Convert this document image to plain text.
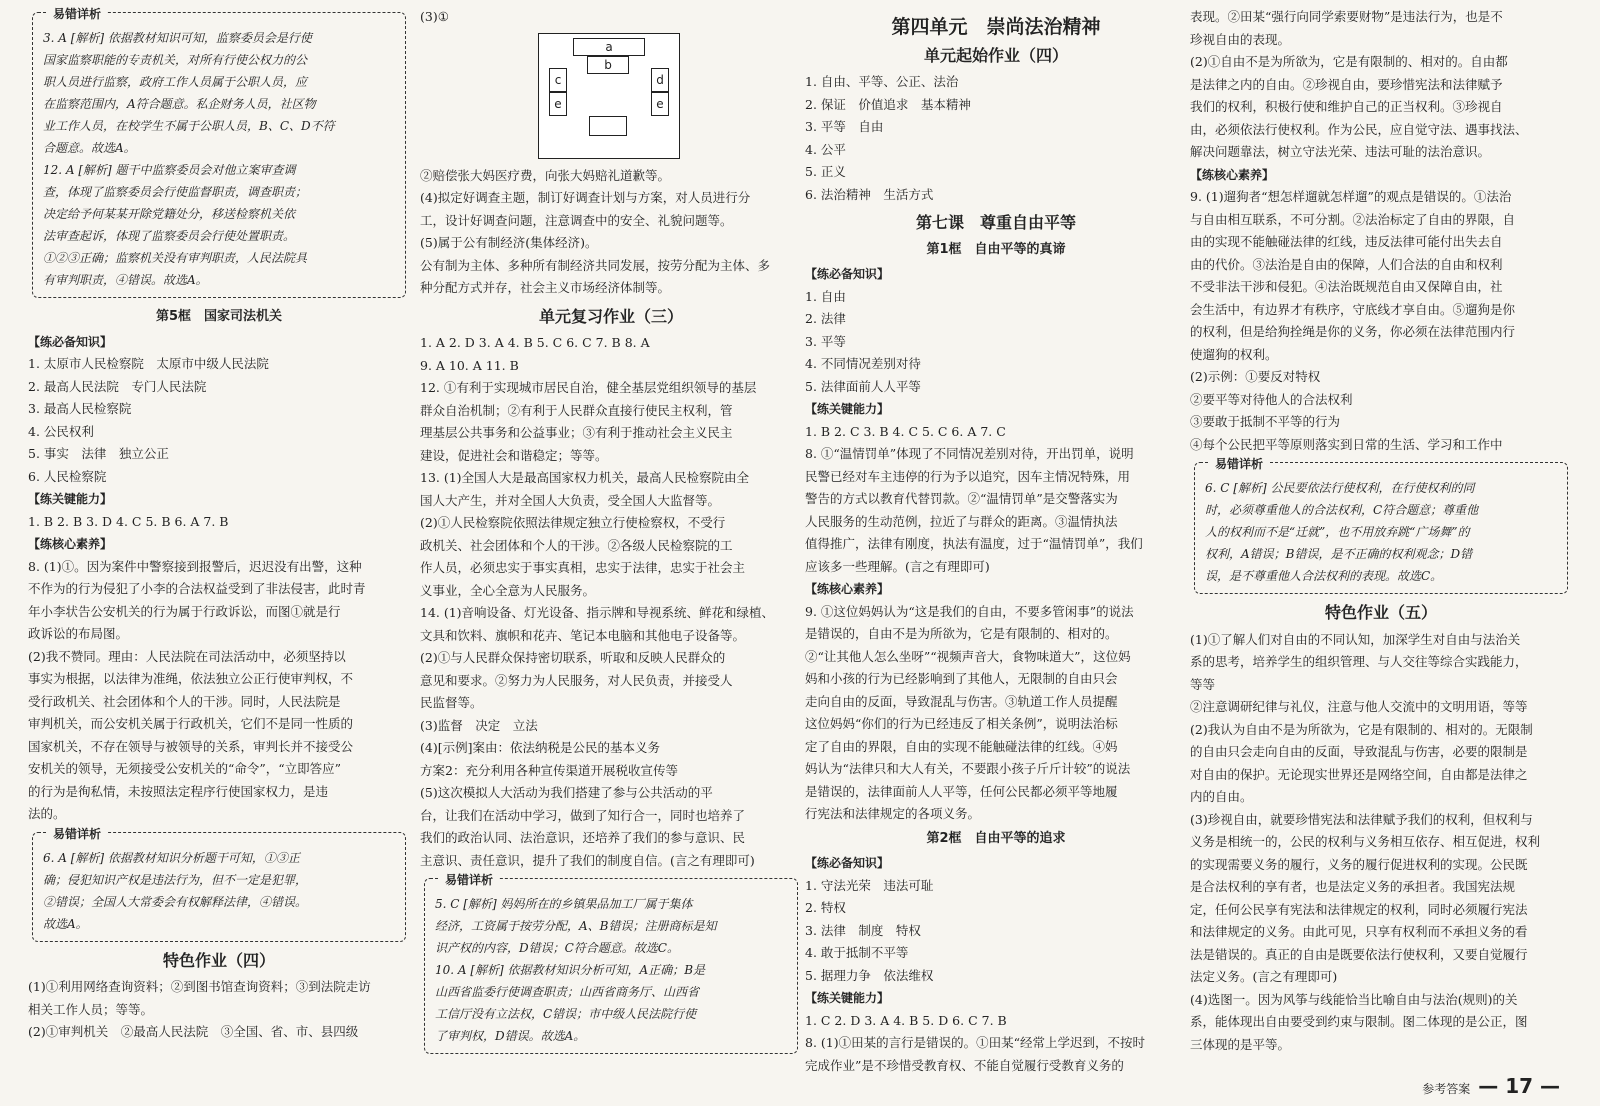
易错详析
3. A [解析] 依据教材知识可知，监察委员会是行使
国家监察职能的专责机关，对所有行使公权力的公
职人员进行监察，政府工作人员属于公职人员，应
在监察范围内，A符合题意。私企财务人员，社区物
业工作人员，在校学生不属于公职人员，B、C、D不符
合题意。故选A。
12. A [解析] 题干中监察委员会对他立案审查调
查，体现了监察委员会行使监督职责，调查职责；
决定给予何某某开除党籍处分，移送检察机关依
法审查起诉，体现了监察委员会行使处置职责。
①②③正确；监察机关没有审判职责，人民法院具
有审判职责，④错误。故选A。
第5框　国家司法机关
【练必备知识】
1. 太原市人民检察院　太原市中级人民法院
2. 最高人民法院　专门人民法院
3. 最高人民检察院
4. 公民权利
5. 事实　法律　独立公正
6. 人民检察院
【练关键能力】
1. B 2. B 3. D 4. C 5. B 6. A 7. B
【练核心素养】
8. (1)①。因为案件中警察接到报警后，迟迟没有出警，这种
不作为的行为侵犯了小李的合法权益受到了非法侵害，此时青
年小李状告公安机关的行为属于行政诉讼，而图①就是行
政诉讼的布局图。
(2)我不赞同。理由：人民法院在司法活动中，必须坚持以
事实为根据，以法律为准绳，依法独立公正行使审判权，不
受行政机关、社会团体和个人的干涉。同时，人民法院是
审判机关，而公安机关属于行政机关，它们不是同一性质的
国家机关，不存在领导与被领导的关系，审判长并不接受公
安机关的领导，无须接受公安机关的“命令”，“立即答应”
的行为是徇私情，未按照法定程序行使国家权力，是违
法的。
易错详析
6. A [解析] 依据教材知识分析题干可知，①③正
确；侵犯知识产权是违法行为，但不一定是犯罪，
②错误；全国人大常委会有权解释法律，④错误。
故选A。
特色作业（四）
(1)①利用网络查询资料；②到图书馆查询资料；③到法院走访
相关工作人员；等等。
(2)①审判机关　②最高人民法院　③全国、省、市、县四级
(3)①
a
b
c
e
d
e
②赔偿张大妈医疗费，向张大妈赔礼道歉等。
(4)拟定好调查主题，制订好调查计划与方案，对人员进行分
工，设计好调查问题，注意调查中的安全、礼貌问题等。
(5)属于公有制经济(集体经济)。
公有制为主体、多种所有制经济共同发展，按劳分配为主体、多
种分配方式并存，社会主义市场经济体制等。
单元复习作业（三）
1. A 2. D 3. A 4. B 5. C 6. C 7. B 8. A
9. A 10. A 11. B
12. ①有利于实现城市居民自治，健全基层党组织领导的基层
群众自治机制；②有利于人民群众直接行使民主权利，管
理基层公共事务和公益事业；③有利于推动社会主义民主
建设，促进社会和谐稳定；等等。
13. (1)全国人大是最高国家权力机关，最高人民检察院由全
国人大产生，并对全国人大负责，受全国人大监督等。
(2)①人民检察院依照法律规定独立行使检察权，不受行
政机关、社会团体和个人的干涉。②各级人民检察院的工
作人员，必须忠实于事实真相，忠实于法律，忠实于社会主
义事业，全心全意为人民服务。
14. (1)音响设备、灯光设备、指示牌和导视系统、鲜花和绿植、
文具和饮料、旗帜和花卉、笔记本电脑和其他电子设备等。
(2)①与人民群众保持密切联系，听取和反映人民群众的
意见和要求。②努力为人民服务，对人民负责，并接受人
民监督等。
(3)监督　决定　立法
(4)[示例]案由：依法纳税是公民的基本义务
方案2：充分利用各种宣传渠道开展税收宣传等
(5)这次模拟人大活动为我们搭建了参与公共活动的平
台，让我们在活动中学习，做到了知行合一，同时也培养了
我们的政治认同、法治意识，还培养了我们的参与意识、民
主意识、责任意识，提升了我们的制度自信。(言之有理即可)
易错详析
5. C [解析] 妈妈所在的乡镇果品加工厂属于集体
经济，工资属于按劳分配，A、B错误；注册商标是知
识产权的内容，D错误；C符合题意。故选C。
10. A [解析] 依据教材知识分析可知，A正确；B是
山西省监委行使调查职责；山西省商务厅、山西省
工信厅没有立法权，C错误；市中级人民法院行使
了审判权，D错误。故选A。
第四单元　崇尚法治精神
单元起始作业（四）
1. 自由、平等、公正、法治
2. 保证　价值追求　基本精神
3. 平等　自由
4. 公平
5. 正义
6. 法治精神　生活方式
第七课　尊重自由平等
第1框　自由平等的真谛
【练必备知识】
1. 自由
2. 法律
3. 平等
4. 不同情况差别对待
5. 法律面前人人平等
【练关键能力】
1. B 2. C 3. B 4. C 5. C 6. A 7. C
8. ①“温情罚单”体现了不同情况差别对待，开出罚单，说明
民警已经对车主违停的行为予以追究，因车主情况特殊，用
警告的方式以教育代替罚款。②“温情罚单”是交警落实为
人民服务的生动范例，拉近了与群众的距离。③温情执法
值得推广，法律有刚度，执法有温度，过于“温情罚单”，我们
应该多一些理解。(言之有理即可)
【练核心素养】
9. ①这位妈妈认为“这是我们的自由，不要多管闲事”的说法
是错误的，自由不是为所欲为，它是有限制的、相对的。
②“让其他人怎么坐呀”“视频声音大，食物味道大”，这位妈
妈和小孩的行为已经影响到了其他人，无限制的自由只会
走向自由的反面，导致混乱与伤害。③轨道工作人员提醒
这位妈妈“你们的行为已经违反了相关条例”，说明法治标
定了自由的界限，自由的实现不能触碰法律的红线。④妈
妈认为“法律只和大人有关，不要跟小孩子斤斤计较”的说法
是错误的，法律面前人人平等，任何公民都必须平等地履
行宪法和法律规定的各项义务。
第2框　自由平等的追求
【练必备知识】
1. 守法光荣　违法可耻
2. 特权
3. 法律　制度　特权
4. 敢于抵制不平等
5. 据理力争　依法维权
【练关键能力】
1. C 2. D 3. A 4. B 5. D 6. C 7. B
8. (1)①田某的言行是错误的。①田某“经常上学迟到，不按时
完成作业”是不珍惜受教育权、不能自觉履行受教育义务的
表现。②田某“强行向同学索要财物”是违法行为，也是不
珍视自由的表现。
(2)①自由不是为所欲为，它是有限制的、相对的。自由都
是法律之内的自由。②珍视自由，要珍惜宪法和法律赋予
我们的权利，积极行使和维护自己的正当权利。③珍视自
由，必须依法行使权利。作为公民，应自觉守法、遇事找法、
解决问题靠法，树立守法光荣、违法可耻的法治意识。
【练核心素养】
9. (1)遛狗者“想怎样遛就怎样遛”的观点是错误的。①法治
与自由相互联系，不可分割。②法治标定了自由的界限，自
由的实现不能触碰法律的红线，违反法律可能付出失去自
由的代价。③法治是自由的保障，人们合法的自由和权利
不受非法干涉和侵犯。④法治既规范自由又保障自由，社
会生活中，有边界才有秩序，守底线才享自由。⑤遛狗是你
的权利，但是给狗拴绳是你的义务，你必须在法律范围内行
使遛狗的权利。
(2)示例：①要反对特权
②要平等对待他人的合法权利
③要敢于抵制不平等的行为
④每个公民把平等原则落实到日常的生活、学习和工作中
易错详析
6. C [解析] 公民要依法行使权利，在行使权利的同
时，必须尊重他人的合法权利，C符合题意；尊重他
人的权利而不是“迁就”，也不用放弃跳“广场舞”的
权利，A错误；B错误，是不正确的权利观念；D错
误，是不尊重他人合法权利的表现。故选C。
特色作业（五）
(1)①了解人们对自由的不同认知，加深学生对自由与法治关
系的思考，培养学生的组织管理、与人交往等综合实践能力，
等等
②注意调研纪律与礼仪，注意与他人交流中的文明用语，等等
(2)我认为自由不是为所欲为，它是有限制的、相对的。无限制
的自由只会走向自由的反面，导致混乱与伤害，必要的限制是
对自由的保护。无论现实世界还是网络空间，自由都是法律之
内的自由。
(3)珍视自由，就要珍惜宪法和法律赋予我们的权利，但权利与
义务是相统一的，公民的权利与义务相互依存、相互促进，权利
的实现需要义务的履行，义务的履行促进权利的实现。公民既
是合法权利的享有者，也是法定义务的承担者。我国宪法规
定，任何公民享有宪法和法律规定的权利，同时必须履行宪法
和法律规定的义务。由此可见，只享有权利而不承担义务的看
法是错误的。真正的自由是既要依法行使权利，又要自觉履行
法定义务。(言之有理即可)
(4)选图一。因为风筝与线能恰当比喻自由与法治(规则)的关
系，能体现出自由要受到约束与限制。图二体现的是公正，图
三体现的是平等。
参考答案 — 17 —
